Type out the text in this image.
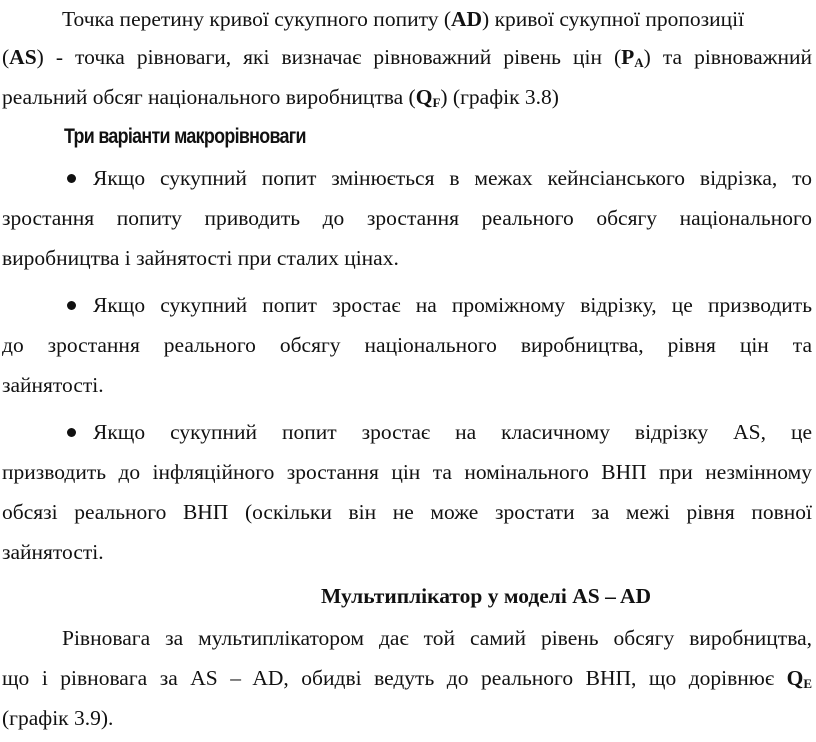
Точка перетину кривої сукупного попиту (AD) кривої сукупної пропозиції
(AS) - точка рівноваги, які визначає рівноважний рівень цін $(P_A)$ та рівноважний
реальний обсяг національного виробництва $(Q_F)$ (графік 3.8)
Три варіанти макрорівноваги
Якщо сукупний попит змінюється в межах кейнсіанського відрізка, то
зростання попиту приводить до зростання реального обсягу національного
виробництва і зайнятості при сталих цінах.
Якщо сукупний попит зростає на проміжному відрізку, це призводить
до зростання реального обсягу національного виробництва, рівня цін та
зайнятості.
Якщо сукупний попит зростає на класичному відрізку AS, це
призводить до інфляційного зростання цін та номінального ВНП при незмінному
обсязі реального ВНП (оскільки він не може зростати за межі рівня повної
зайнятості.
Мультиплікатор у моделі AS – AD
Рівновага за мультиплікатором дає той самий рівень обсягу виробництва,
що і рівновага за AS – AD, обидві ведуть до реального ВНП, що дорівнює $Q_E$
(графік 3.9).
